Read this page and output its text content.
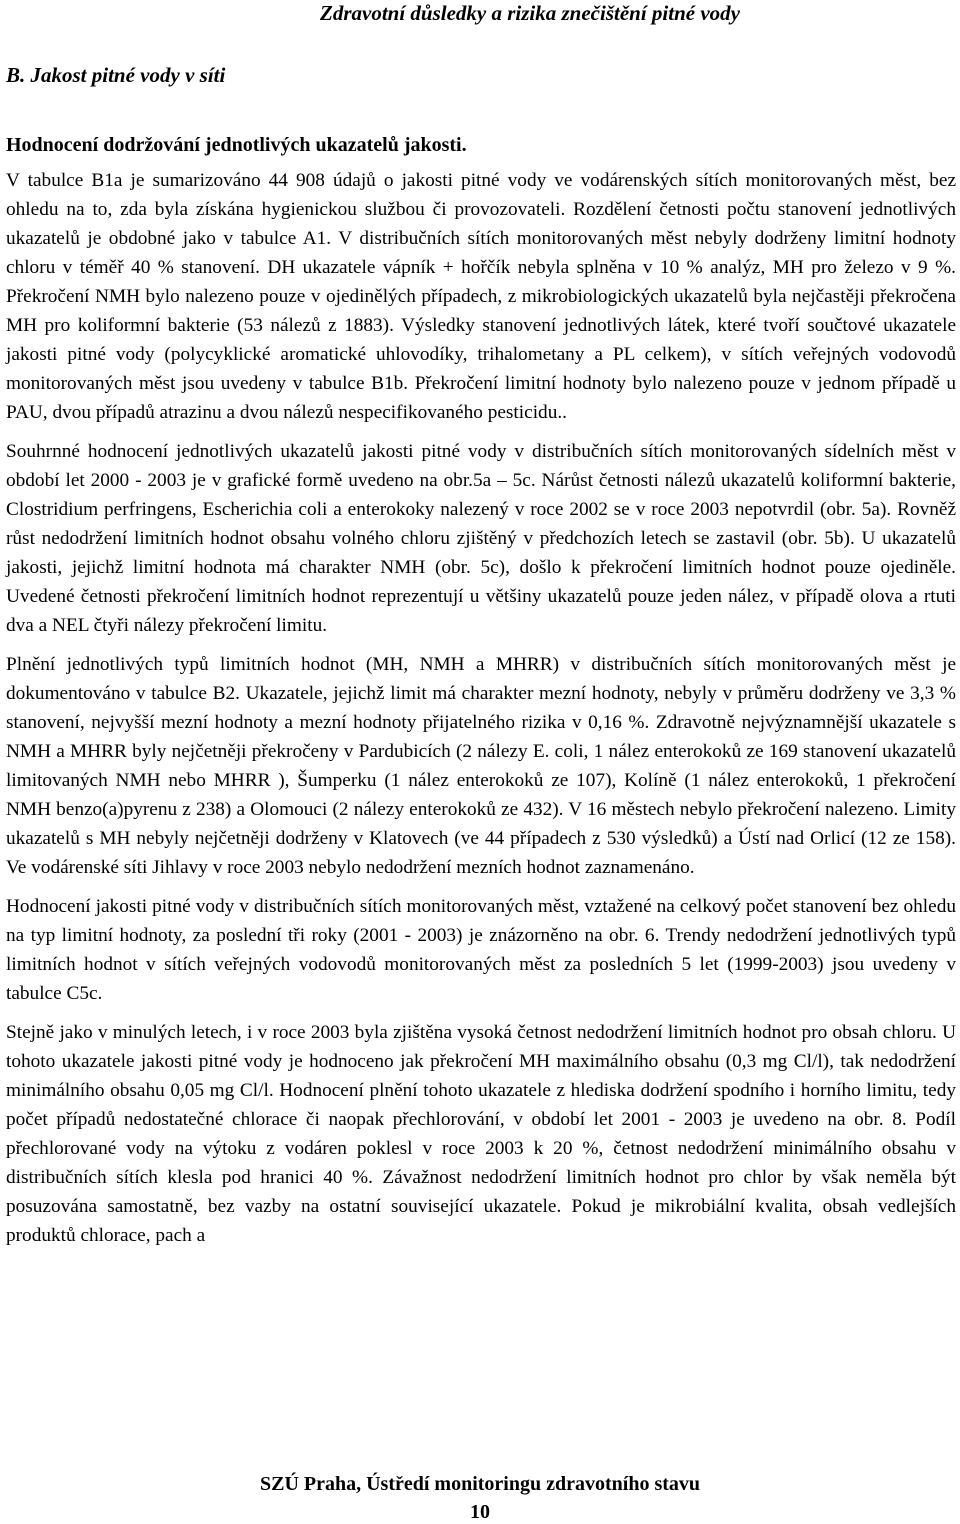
Zdravotní důsledky a rizika znečištění pitné vody
B. Jakost pitné vody v síti
Hodnocení dodržování jednotlivých ukazatelů jakosti.

V tabulce B1a je sumarizováno 44 908 údajů o jakosti pitné vody ve vodárenských sítích monitorovaných měst, bez ohledu na to, zda byla získána hygienickou službou či provozovateli. Rozdělení četnosti počtu stanovení jednotlivých ukazatelů je obdobné jako v tabulce A1. V distribučních sítích monitorovaných měst nebyly dodrženy limitní hodnoty chloru v téměř 40 % stanovení. DH ukazatele vápník + hořčík nebyla splněna v 10 % analýz, MH pro železo v 9 %. Překročení NMH bylo nalezeno pouze v ojedinělých případech, z mikrobiologických ukazatelů byla nejčastěji překročena MH pro koliformní bakterie (53 nálezů z 1883). Výsledky stanovení jednotlivých látek, které tvoří součtové ukazatele jakosti pitné vody (polycyklické aromatické uhlovodíky, trihalometany a PL celkem), v sítích veřejných vodovodů monitorovaných měst jsou uvedeny v tabulce B1b. Překročení limitní hodnoty bylo nalezeno pouze v jednom případě u PAU, dvou případů atrazinu a dvou nálezů nespecifikovaného pesticidu..

Souhrnné hodnocení jednotlivých ukazatelů jakosti pitné vody v distribučních sítích monitorovaných sídelních měst v období let 2000 - 2003 je v grafické formě uvedeno na obr.5a – 5c. Nárůst četnosti nálezů ukazatelů koliformní bakterie, Clostridium perfringens, Escherichia coli a enterokoky nalezený v roce 2002 se v roce 2003 nepotvrdil (obr. 5a). Rovněž růst nedodržení limitních hodnot obsahu volného chloru zjištěný v předchozích letech se zastavil (obr. 5b). U ukazatelů jakosti, jejichž limitní hodnota má charakter NMH (obr. 5c), došlo k překročení limitních hodnot pouze ojediněle. Uvedené četnosti překročení limitních hodnot reprezentují u většiny ukazatelů pouze jeden nález, v případě olova a rtuti dva a NEL čtyři nálezy překročení limitu.

Plnění jednotlivých typů limitních hodnot (MH, NMH a MHRR) v distribučních sítích monitorovaných měst je dokumentováno v tabulce B2. Ukazatele, jejichž limit má charakter mezní hodnoty, nebyly v průměru dodrženy ve 3,3 % stanovení, nejvyšší mezní hodnoty a mezní hodnoty přijatelného rizika v 0,16 %. Zdravotně nejvýznamnější ukazatele s NMH a MHRR byly nejčetněji překročeny v Pardubicích (2 nálezy E. coli, 1 nález enterokoků ze 169 stanovení ukazatelů limitovaných NMH nebo MHRR ), Šumperku (1 nález enterokoků ze 107), Kolíně (1 nález enterokoků, 1 překročení NMH benzo(a)pyrenu z 238) a Olomouci (2 nálezy enterokoků ze 432). V 16 městech nebylo překročení nalezeno. Limity ukazatelů s MH nebyly nejčetněji dodrženy v Klatovech (ve 44 případech z 530 výsledků) a Ústí nad Orlicí (12 ze 158). Ve vodárenské síti Jihlavy v roce 2003 nebylo nedodržení mezních hodnot zaznamenáno.

Hodnocení jakosti pitné vody v distribučních sítích monitorovaných měst, vztažené na celkový počet stanovení bez ohledu na typ limitní hodnoty, za poslední tři roky (2001 - 2003) je znázorněno na obr. 6. Trendy nedodržení jednotlivých typů limitních hodnot v sítích veřejných vodovodů monitorovaných měst za posledních 5 let (1999-2003) jsou uvedeny v tabulce C5c.

Stejně jako v minulých letech, i v roce 2003 byla zjištěna vysoká četnost nedodržení limitních hodnot pro obsah chloru. U tohoto ukazatele jakosti pitné vody je hodnoceno jak překročení MH maximálního obsahu (0,3 mg Cl/l), tak nedodržení minimálního obsahu 0,05 mg Cl/l. Hodnocení plnění tohoto ukazatele z hlediska dodržení spodního i horního limitu, tedy počet případů nedostatečné chlorace či naopak přechlorování, v období let 2001 - 2003 je uvedeno na obr. 8. Podíl přechlorované vody na výtoku z vodáren poklesl v roce 2003 k 20 %, četnost nedodržení minimálního obsahu v distribučních sítích klesla pod hranici 40 %. Závažnost nedodržení limitních hodnot pro chlor by však neměla být posuzována samostatně, bez vazby na ostatní související ukazatele. Pokud je mikrobiální kvalita, obsah vedlejších produktů chlorace, pach a

SZÚ Praha, Ústředí monitoringu zdravotního stavu
10
